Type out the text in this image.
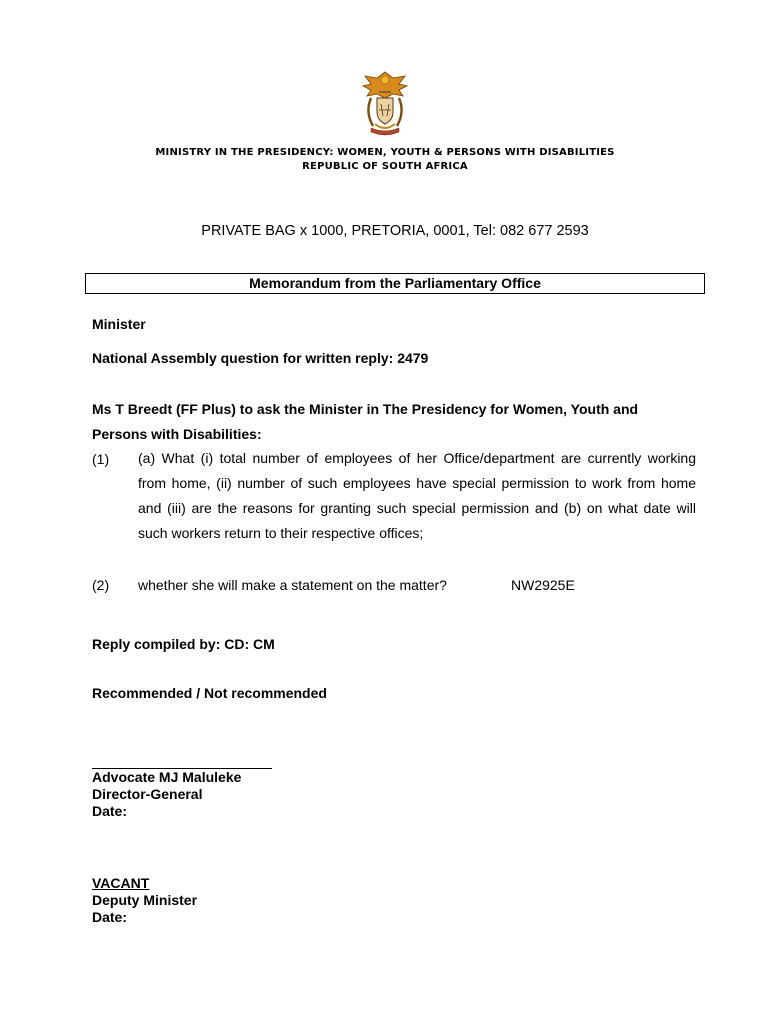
MINISTRY IN THE PRESIDENCY: WOMEN, YOUTH & PERSONS WITH DISABILITIES
REPUBLIC OF SOUTH AFRICA
PRIVATE BAG x 1000, PRETORIA, 0001, Tel: 082 677 2593
Memorandum from the Parliamentary Office
Minister
National Assembly question for written reply: 2479
Ms T Breedt (FF Plus) to ask the Minister in The Presidency for Women, Youth and
Persons with Disabilities:
(1) (a) What (i) total number of employees of her Office/department are currently working from home, (ii) number of such employees have special permission to work from home and (iii) are the reasons for granting such special permission and (b) on what date will such workers return to their respective offices;
(2) whether she will make a statement on the matter?	NW2925E
Reply compiled by: CD: CM
Recommended / Not recommended
Advocate MJ Maluleke
Director-General
Date:
VACANT
Deputy Minister
Date:
